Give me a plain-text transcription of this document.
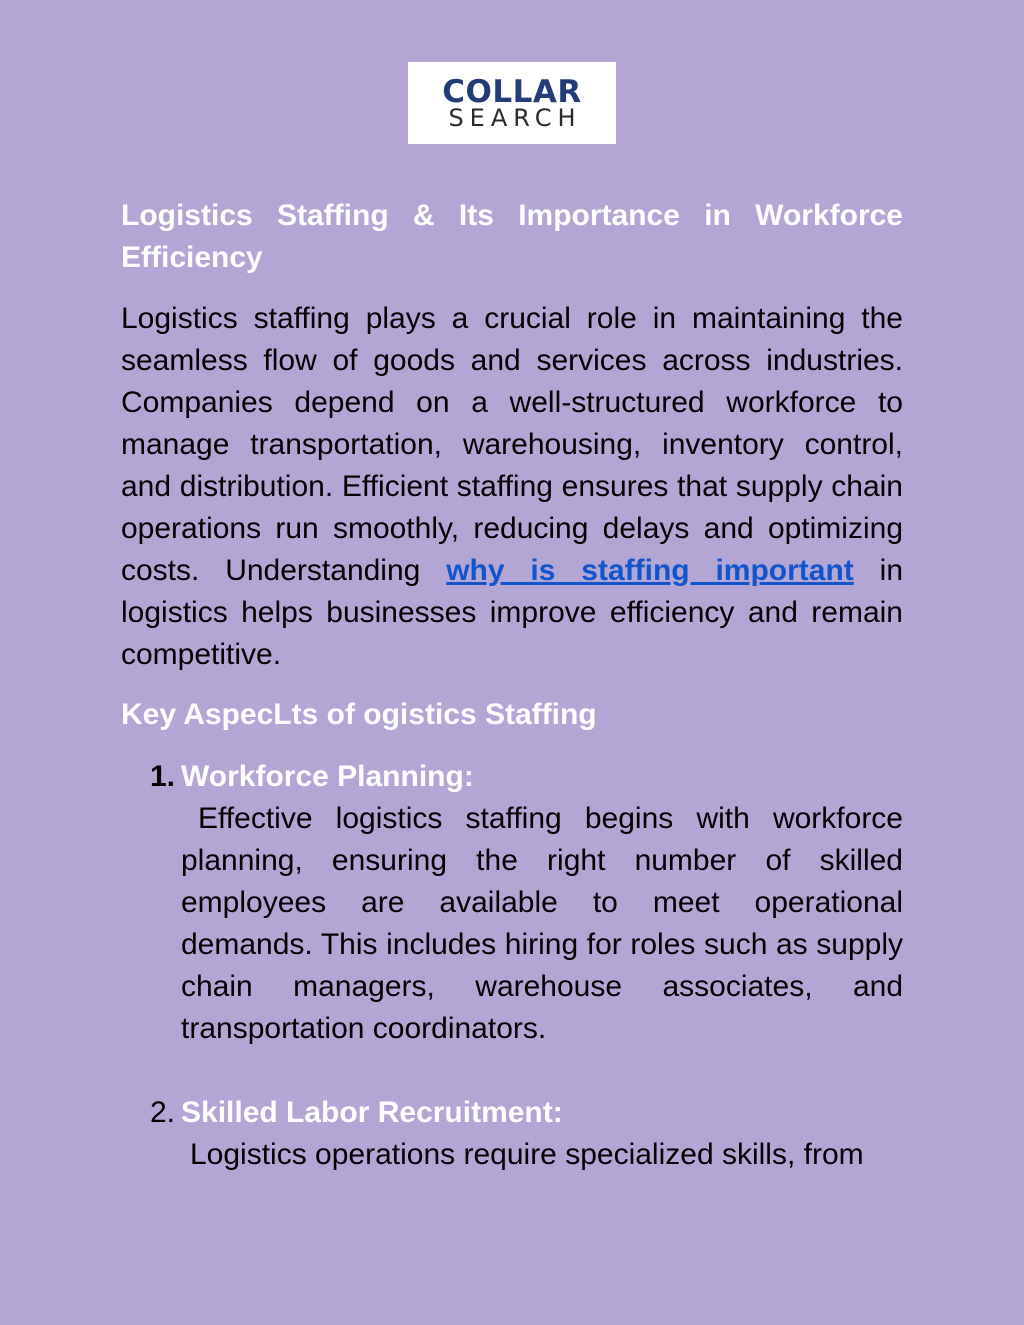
COLLAR
SEARCH
Logistics Staffing & Its Importance in Workforce Efficiency

Logistics staffing plays a crucial role in maintaining the seamless flow of goods and services across industries. Companies depend on a well-structured workforce to manage transportation, warehousing, inventory control, and distribution. Efficient staffing ensures that supply chain operations run smoothly, reducing delays and optimizing costs. Understanding why is staffing important in logistics helps businesses improve efficiency and remain competitive.

Key AspecLts of ogistics Staffing
1. Workforce Planning:
Effective logistics staffing begins with workforce planning, ensuring the right number of skilled employees are available to meet operational demands. This includes hiring for roles such as supply chain managers, warehouse associates, and transportation coordinators.
2. Skilled Labor Recruitment:
Logistics operations require specialized skills, from
